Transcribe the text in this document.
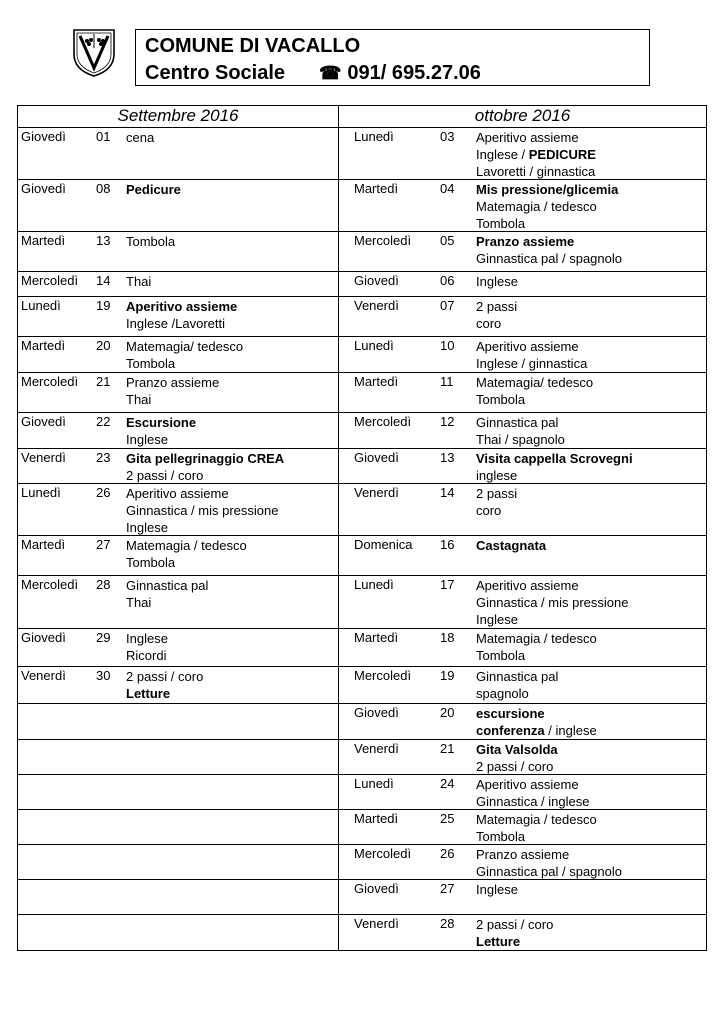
COMUNE DI VACALLO
Centro Sociale ☎ 091/ 695.27.06
Settembre 2016	ottobre 2016

Giovedì 01 cena	Lunedì 03 Aperitivo assieme
Inglese / PEDICURE
Lavoretti / ginnastica

Giovedì 08 Pedicure	Martedì 04 Mis pressione/glicemia
Matemagia / tedesco
Tombola

Martedì 13 Tombola	Mercoledì 05 Pranzo assieme
Ginnastica pal / spagnolo

Mercoledì 14 Thai	Giovedì 06 Inglese

Lunedì 19 Aperitivo assieme
Inglese /Lavoretti	Venerdì 07 2 passi
coro

Martedì 20 Matemagia/ tedesco
Tombola	Lunedì 10 Aperitivo assieme
Inglese / ginnastica

Mercoledì 21 Pranzo assieme
Thai	Martedì 11 Matemagia/ tedesco
Tombola

Giovedì 22 Escursione
Inglese	Mercoledì 12 Ginnastica pal
Thai / spagnolo

Venerdì 23 Gita pellegrinaggio CREA
2 passi / coro	Giovedì 13 Visita cappella Scrovegni
inglese

Lunedì 26 Aperitivo assieme
Ginnastica / mis pressione
Inglese	Venerdì 14 2 passi
coro

Martedì 27 Matemagia / tedesco
Tombola	Domenica 16 Castagnata

Mercoledì 28 Ginnastica pal
Thai	Lunedì 17 Aperitivo assieme
Ginnastica / mis pressione
Inglese

Giovedì 29 Inglese
Ricordi	Martedì 18 Matemagia / tedesco
Tombola

Venerdì 30 2 passi / coro
Letture	Mercoledì 19 Ginnastica pal
spagnolo

	Giovedì 20 escursione
conferenza / inglese

	Venerdì 21 Gita Valsolda
2 passi / coro

	Lunedì 24 Aperitivo assieme
Ginnastica / inglese

	Martedì 25 Matemagia / tedesco
Tombola

	Mercoledì 26 Pranzo assieme
Ginnastica pal / spagnolo

	Giovedì 27 Inglese

	Venerdì 28 2 passi / coro
Letture
